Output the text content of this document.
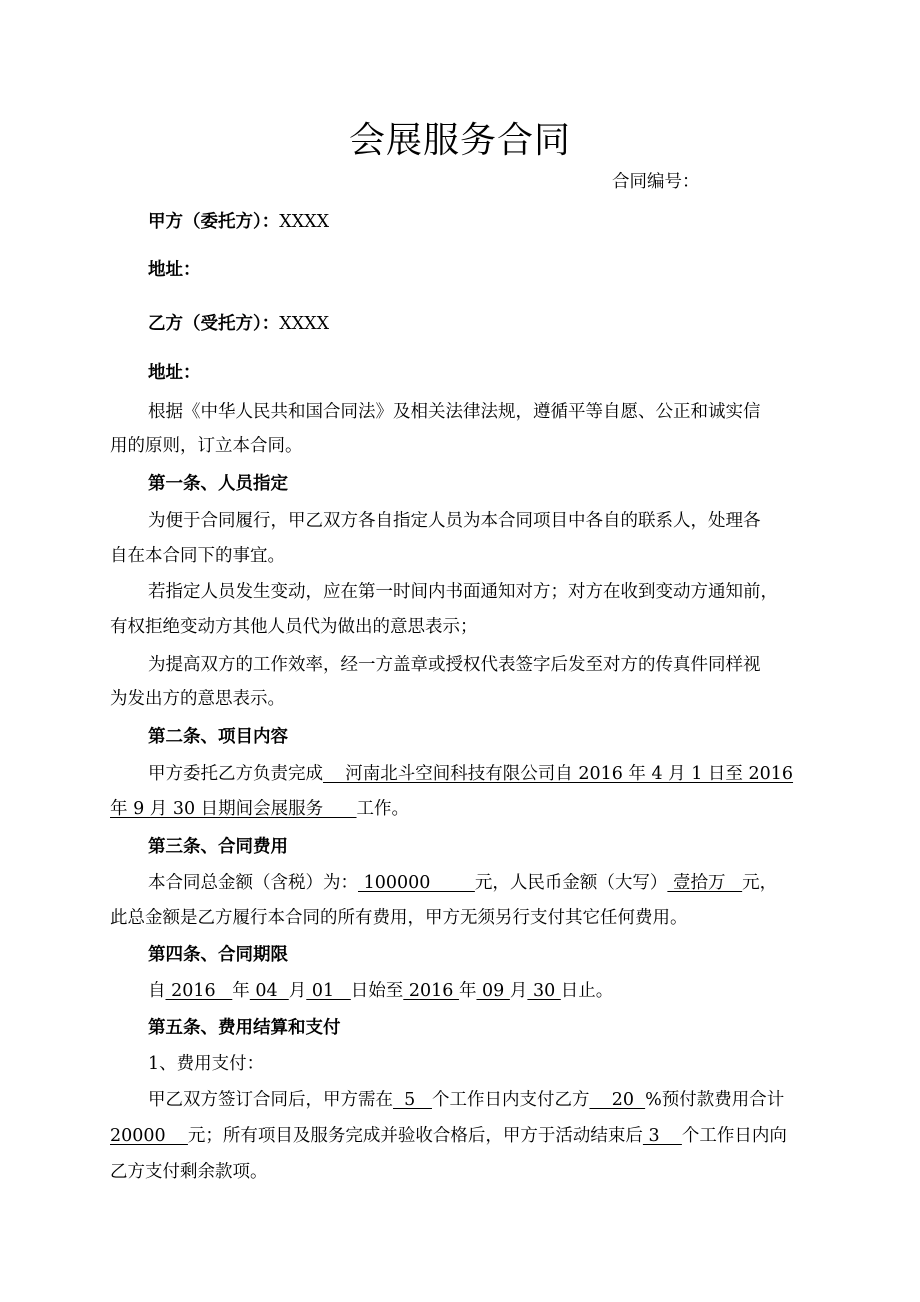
会展服务合同
合同编号：
甲方（委托方）：XXXX
地址：
乙方（受托方）：XXXX
地址：
根据《中华人民共和国合同法》及相关法律法规，遵循平等自愿、公正和诚实信
用的原则，订立本合同。
第一条、人员指定
为便于合同履行，甲乙双方各自指定人员为本合同项目中各自的联系人，处理各
自在本合同下的事宜。
若指定人员发生变动，应在第一时间内书面通知对方；对方在收到变动方通知前，
有权拒绝变动方其他人员代为做出的意思表示；
为提高双方的工作效率，经一方盖章或授权代表签字后发至对方的传真件同样视
为发出方的意思表示。
第二条、项目内容
甲方委托乙方负责完成    河南北斗空间科技有限公司自 2016 年 4 月 1 日至 2016
年 9 月 30 日期间会展服务      工作。
第三条、合同费用
本合同总金额（含税）为： 100000        元，人民币金额（大写） 壹拾万   元，
此总金额是乙方履行本合同的所有费用，甲方无须另行支付其它任何费用。
第四条、合同期限
自 2016   年 04  月 01   日始至 2016 年 09 月 30 日止。
第五条、费用结算和支付
1、费用支付：
甲乙双方签订合同后，甲方需在  5   个工作日内支付乙方    20  %预付款费用合计
20000    元；所有项目及服务完成并验收合格后，甲方于活动结束后 3    个工作日内向
乙方支付剩余款项。
